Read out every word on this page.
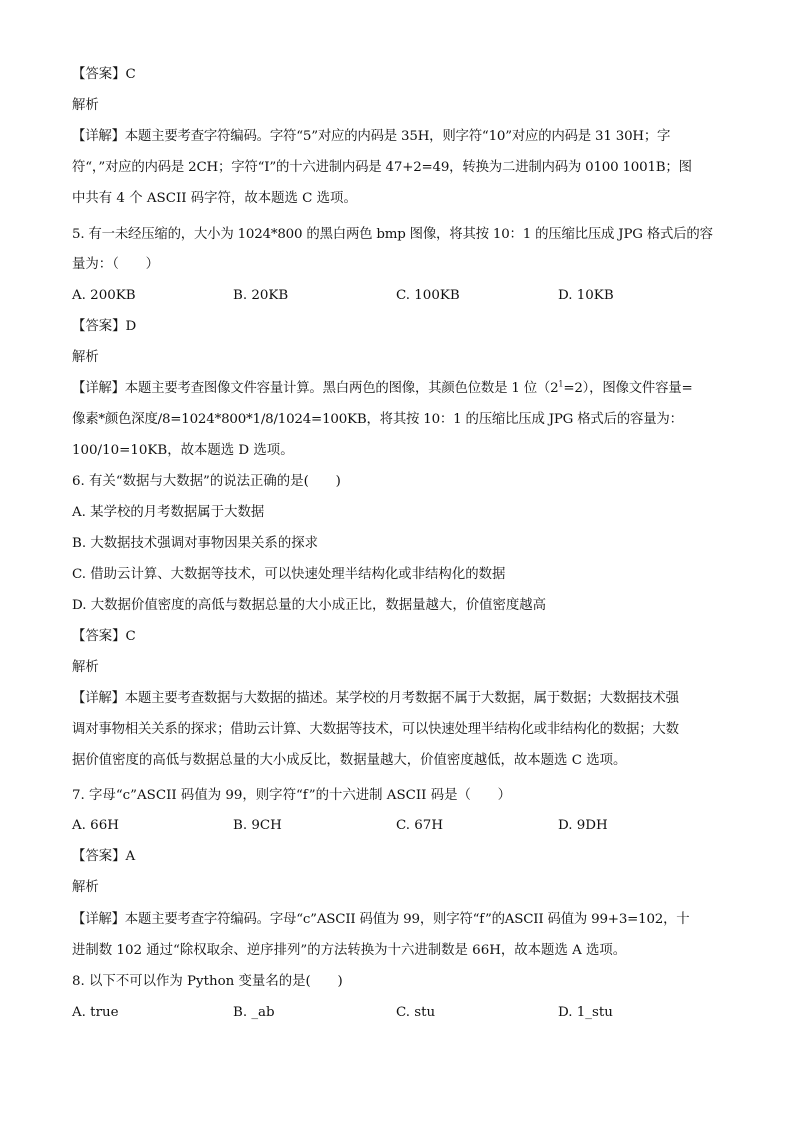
【答案】C
解析
【详解】本题主要考查字符编码。字符“5”对应的内码是 35H，则字符“10”对应的内码是 31 30H；字
符“，”对应的内码是 2CH；字符“I”的十六进制内码是 47+2=49，转换为二进制内码为 0100 1001B；图
中共有 4 个 ASCII 码字符，故本题选 C 选项。
5. 有一未经压缩的，大小为 1024*800 的黑白两色 bmp 图像，将其按 10：1 的压缩比压成 JPG 格式后的容
量为：（　　）
A. 200KB	B. 20KB	C. 100KB	D. 10KB
【答案】D
解析
【详解】本题主要考查图像文件容量计算。黑白两色的图像，其颜色位数是 1 位$(2^1=2)$，图像文件容量=
像素*颜色深度/8=1024*800*1/8/1024=100KB，将其按 10：1 的压缩比压成 JPG 格式后的容量为：
100/10=10KB，故本题选 D 选项。
6. 有关“数据与大数据”的说法正确的是(　　)
A. 某学校的月考数据属于大数据
B. 大数据技术强调对事物因果关系的探求
C. 借助云计算、大数据等技术，可以快速处理半结构化或非结构化的数据
D. 大数据价值密度的高低与数据总量的大小成正比，数据量越大，价值密度越高
【答案】C
解析
【详解】本题主要考查数据与大数据的描述。某学校的月考数据不属于大数据，属于数据；大数据技术强
调对事物相关关系的探求；借助云计算、大数据等技术，可以快速处理半结构化或非结构化的数据；大数
据价值密度的高低与数据总量的大小成反比，数据量越大，价值密度越低，故本题选 C 选项。
7. 字母“c”ASCII 码值为 99，则字符“f”的十六进制 ASCII 码是（　　）
A. 66H	B. 9CH	C. 67H	D. 9DH
【答案】A
解析
【详解】本题主要考查字符编码。字母“c”ASCII 码值为 99，则字符“f”的ASCII 码值为 99+3=102，十
进制数 102 通过“除权取余、逆序排列”的方法转换为十六进制数是 66H，故本题选 A 选项。
8. 以下不可以作为 Python 变量名的是(　　)
A. true	B. _ab	C. stu	D. 1_stu
